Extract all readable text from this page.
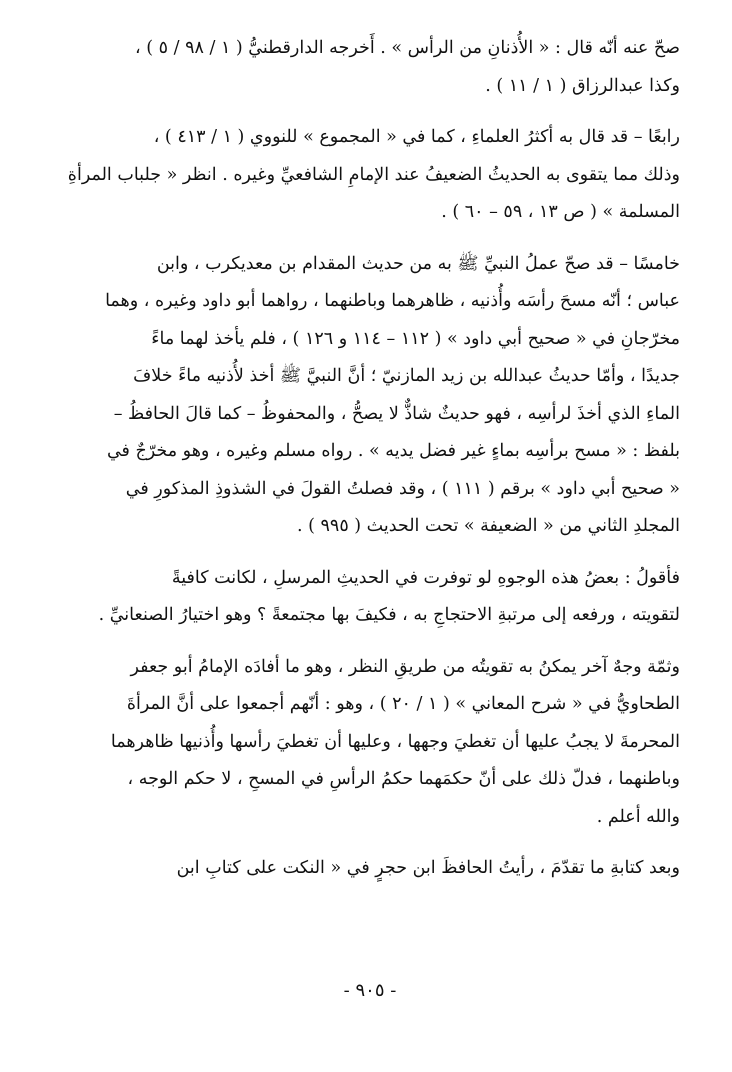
صحّ عنه أنّه قال : « الأُذنانِ من الرأس » . أَخرجه الدارقطنيُّ ( ١ / ٩٨ / ٥ ) ،
وكذا عبدالرزاق ( ١ / ١١ ) .
رابعًا – قد قال به أكثرُ العلماءِ ، كما في « المجموع » للنووي ( ١ / ٤١٣ ) ،
وذلك مما يتقوى به الحديثُ الضعيفُ عند الإمامِ الشافعيِّ وغيره . انظر « جلباب المرأةِ
المسلمة » ( ص ١٣ ، ٥٩ – ٦٠ ) .
خامسًا – قد صحّ عملُ النبيِّ ﷺ به من حديث المقدام بن معديكرب ، وابن
عباس ؛ أنّه مسحَ رأسَه وأُذنيه ، ظاهرهما وباطنهما ، رواهما أبو داود وغيره ، وهما
مخرّجانِ في « صحيح أبي داود » ( ١١٢ – ١١٤ و ١٢٦ ) ، فلم يأخذ لهما ماءً
جديدًا ، وأمّا حديثُ عبدالله بن زيد المازنيّ ؛ أنَّ النبيَّ ﷺ أخذ لأُذنيه ماءً خلافَ
الماءِ الذي أخذَ لرأسِه ، فهو حديثٌ شاذٌّ لا يصحُّ ، والمحفوظُ – كما قالَ الحافظُ –
بلفظ : « مسح برأسِه بماءٍ غير فضل يديه » . رواه مسلم وغيره ، وهو مخرّجٌ في
« صحيح أبي داود » برقم ( ١١١ ) ، وقد فصلتُ القولَ في الشذوذِ المذكورِ في
المجلدِ الثاني من « الضعيفة » تحت الحديث ( ٩٩٥ ) .
فأقولُ : بعضُ هذه الوجوهِ لو توفرت في الحديثِ المرسلِ ، لكانت كافيةً
لتقويته ، ورفعه إلى مرتبةِ الاحتجاجِ به ، فكيفَ بها مجتمعةً ؟ وهو اختيارُ الصنعانيِّ .
وثمّة وجهٌ آخر يمكنُ به تقويتُه من طريقِ النظر ، وهو ما أفادَه الإمامُ أبو جعفر
الطحاويُّ في « شرح المعاني » ( ١ / ٢٠ ) ، وهو : أنّهم أجمعوا على أنَّ المرأةَ
المحرمةَ لا يجبُ عليها أن تغطيَ وجهها ، وعليها أن تغطيَ رأسها وأُذنيها ظاهرهما
وباطنهما ، فدلّ ذلك على أنّ حكمَهما حكمُ الرأسِ في المسحِ ، لا حكم الوجه ،
والله أعلم .
وبعد كتابةِ ما تقدّمَ ، رأيتُ الحافظَ ابن حجرٍ في « النكت على كتابِ ابن
- ٩٠٥ -
